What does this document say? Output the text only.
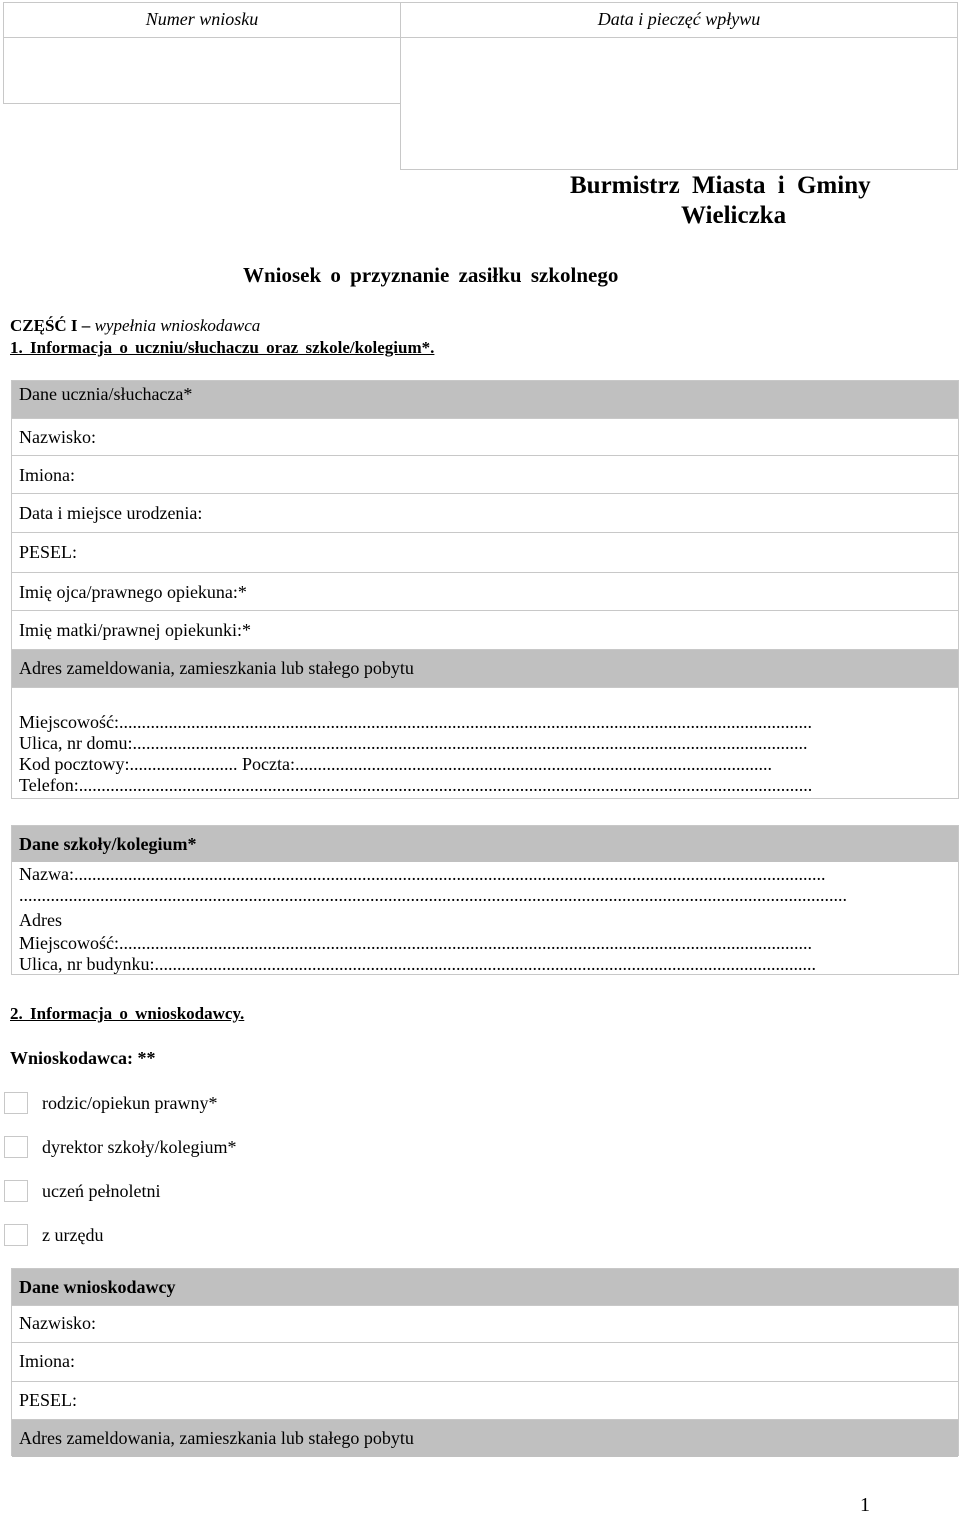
Numer wniosku	Data i pieczęć wpływu
Burmistrz Miasta i Gminy
Wieliczka
Wniosek o przyznanie zasiłku szkolnego
CZĘŚĆ I – wypełnia wnioskodawca
1. Informacja o uczniu/słuchaczu oraz szkole/kolegium*.
Dane ucznia/słuchacza*
Nazwisko:
Imiona:
Data i miejsce urodzenia:
PESEL:
Imię ojca/prawnego opiekuna:*
Imię matki/prawnej opiekunki:*
Adres zameldowania, zamieszkania lub stałego pobytu
Miejscowość:..........................................................................................................................................................
Ulica, nr domu:......................................................................................................................................................
Kod pocztowy:........................ Poczta:..........................................................................................................
Telefon:...................................................................................................................................................................
Dane szkoły/kolegium*
Nazwa:.......................................................................................................................................................................
........................................................................................................................................................................................
Adres
Miejscowość:..........................................................................................................................................................
Ulica, nr budynku:...................................................................................................................................................
2. Informacja o wnioskodawcy.
Wnioskodawca: **
rodzic/opiekun prawny*
dyrektor szkoły/kolegium*
uczeń pełnoletni
z urzędu
Dane wnioskodawcy
Nazwisko:
Imiona:
PESEL:
Adres zameldowania, zamieszkania lub stałego pobytu
1
